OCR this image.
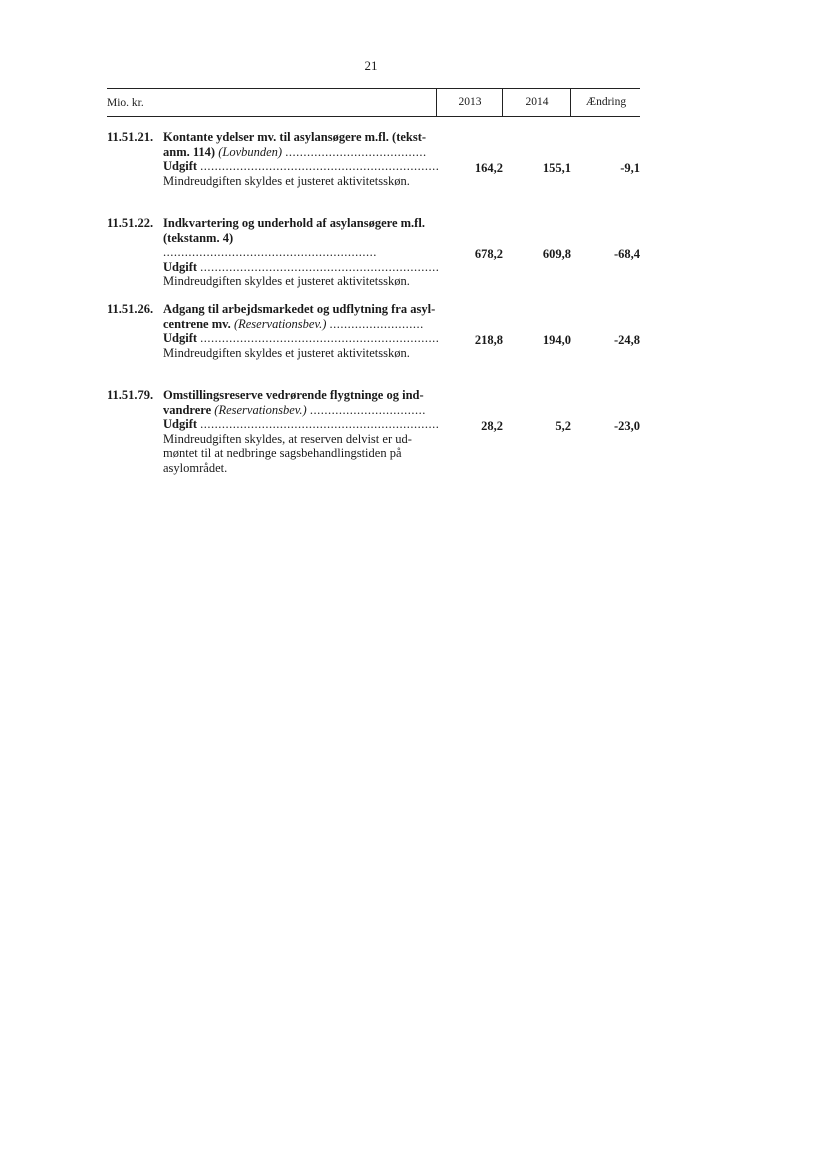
21
Mio. kr.	2013	2014	Ændring
11.51.21. Kontante ydelser mv. til asylansøgere m.fl. (tekst-
anm. 114) (Lovbunden) .......................................
Udgift ..................................................................
Mindreudgiften skyldes et justeret aktivitetsskøn.
164,2	155,1	-9,1
11.51.22. Indkvartering og underhold af asylansøgere m.fl.
(tekstanm. 4) ...........................................................
Udgift ..................................................................
Mindreudgiften skyldes et justeret aktivitetsskøn.
678,2	609,8	-68,4
11.51.26. Adgang til arbejdsmarkedet og udflytning fra asyl-
centrene mv. (Reservationsbev.) ..........................
Udgift ..................................................................
Mindreudgiften skyldes et justeret aktivitetsskøn.
218,8	194,0	-24,8
11.51.79. Omstillingsreserve vedrørende flygtninge og ind-
vandrere (Reservationsbev.) ................................
Udgift ..................................................................
Mindreudgiften skyldes, at reserven delvist er ud-
møntet til at nedbringe sagsbehandlingstiden på
asylområdet.
28,2	5,2	-23,0
